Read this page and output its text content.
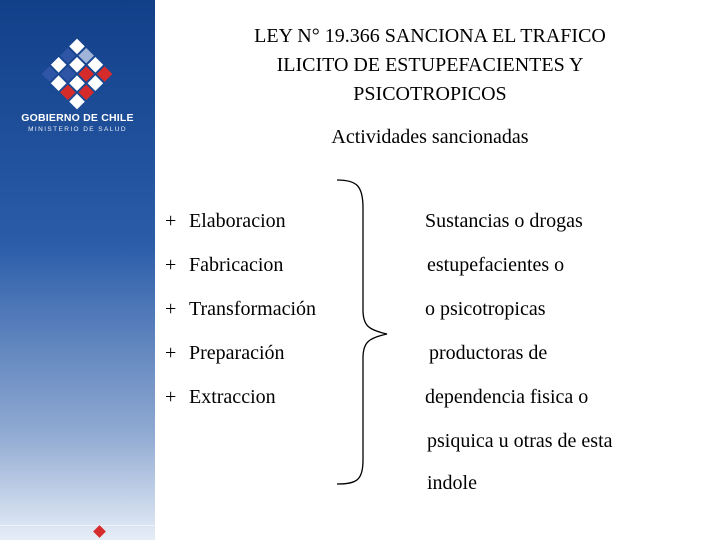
GOBIERNO DE CHILE
MINISTERIO DE SALUD
LEY N° 19.366 SANCIONA EL TRAFICO
ILICITO DE ESTUPEFACIENTES Y
PSICOTROPICOS
Actividades sancionadas
+ Elaboracion
+ Fabricacion
+ Transformación
+ Preparación
+ Extraccion
Sustancias o drogas
estupefacientes o
o psicotropicas
productoras de
dependencia fisica o
psiquica u otras de esta
indole
